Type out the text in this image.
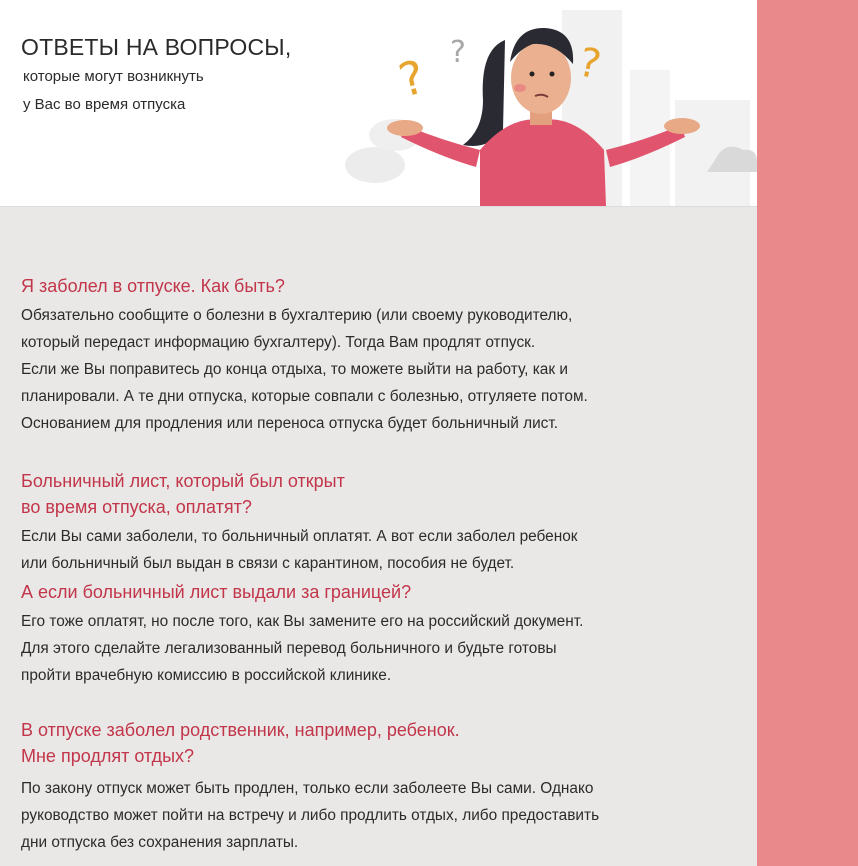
ОТВЕТЫ НА ВОПРОСЫ,
которые могут возникнуть
у Вас во время отпуска	? ?	?
Я заболел в отпуске. Как быть?
Обязательно сообщите о болезни в бухгалтерию (или своему руководителю,
который передаст информацию бухгалтеру). Тогда Вам продлят отпуск.
Если же Вы поправитесь до конца отдыха, то можете выйти на работу, как и
планировали. А те дни отпуска, которые совпали с болезнью, отгуляете потом.
Основанием для продления или переноса отпуска будет больничный лист.
Больничный лист, который был открыт
во время отпуска, оплатят?
Если Вы сами заболели, то больничный оплатят. А вот если заболел ребенок
или больничный был выдан в связи с карантином, пособия не будет.
А если больничный лист выдали за границей?
Его тоже оплатят, но после того, как Вы замените его на российский документ.
Для этого сделайте легализованный перевод больничного и будьте готовы
пройти врачебную комиссию в российской клинике.
В отпуске заболел родственник, например, ребенок.
Мне продлят отдых?
По закону отпуск может быть продлен, только если заболеете Вы сами. Однако
руководство может пойти на встречу и либо продлить отдых, либо предоставить
дни отпуска без сохранения зарплаты.
